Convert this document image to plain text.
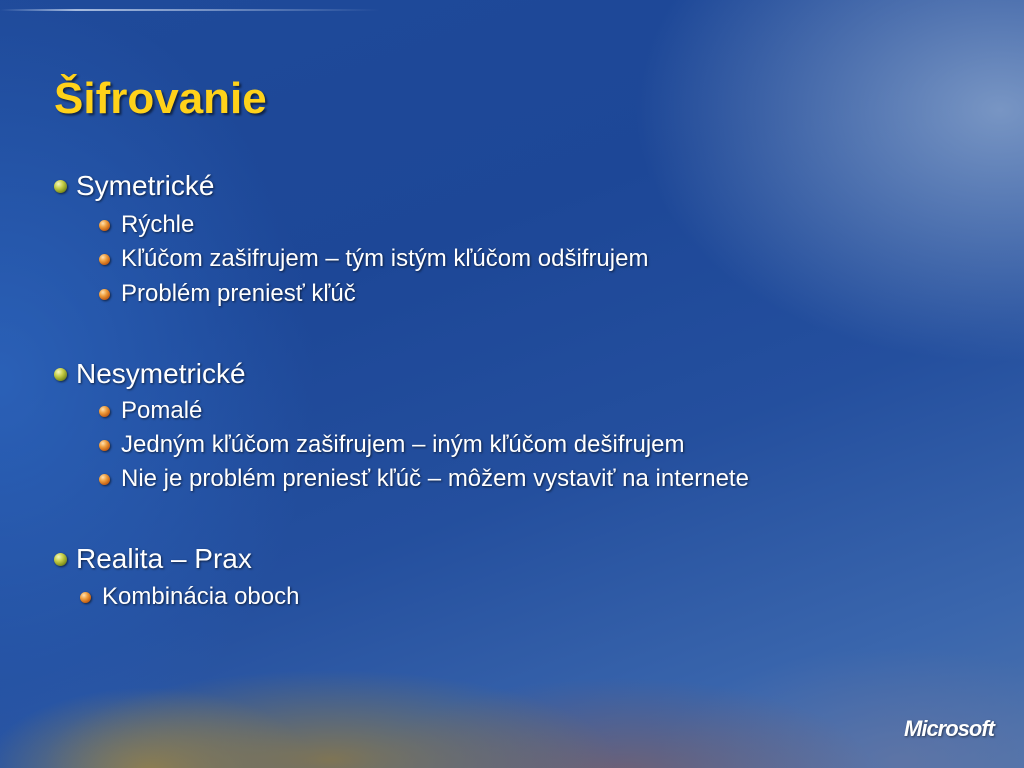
Šifrovanie
Symetrické
Rýchle
Kľúčom zašifrujem – tým istým kľúčom odšifrujem
Problém preniesť kľúč
Nesymetrické
Pomalé
Jedným kľúčom zašifrujem – iným kľúčom dešifrujem
Nie je problém preniesť kľúč – môžem vystaviť na internete
Realita – Prax
Kombinácia oboch
Microsoft
